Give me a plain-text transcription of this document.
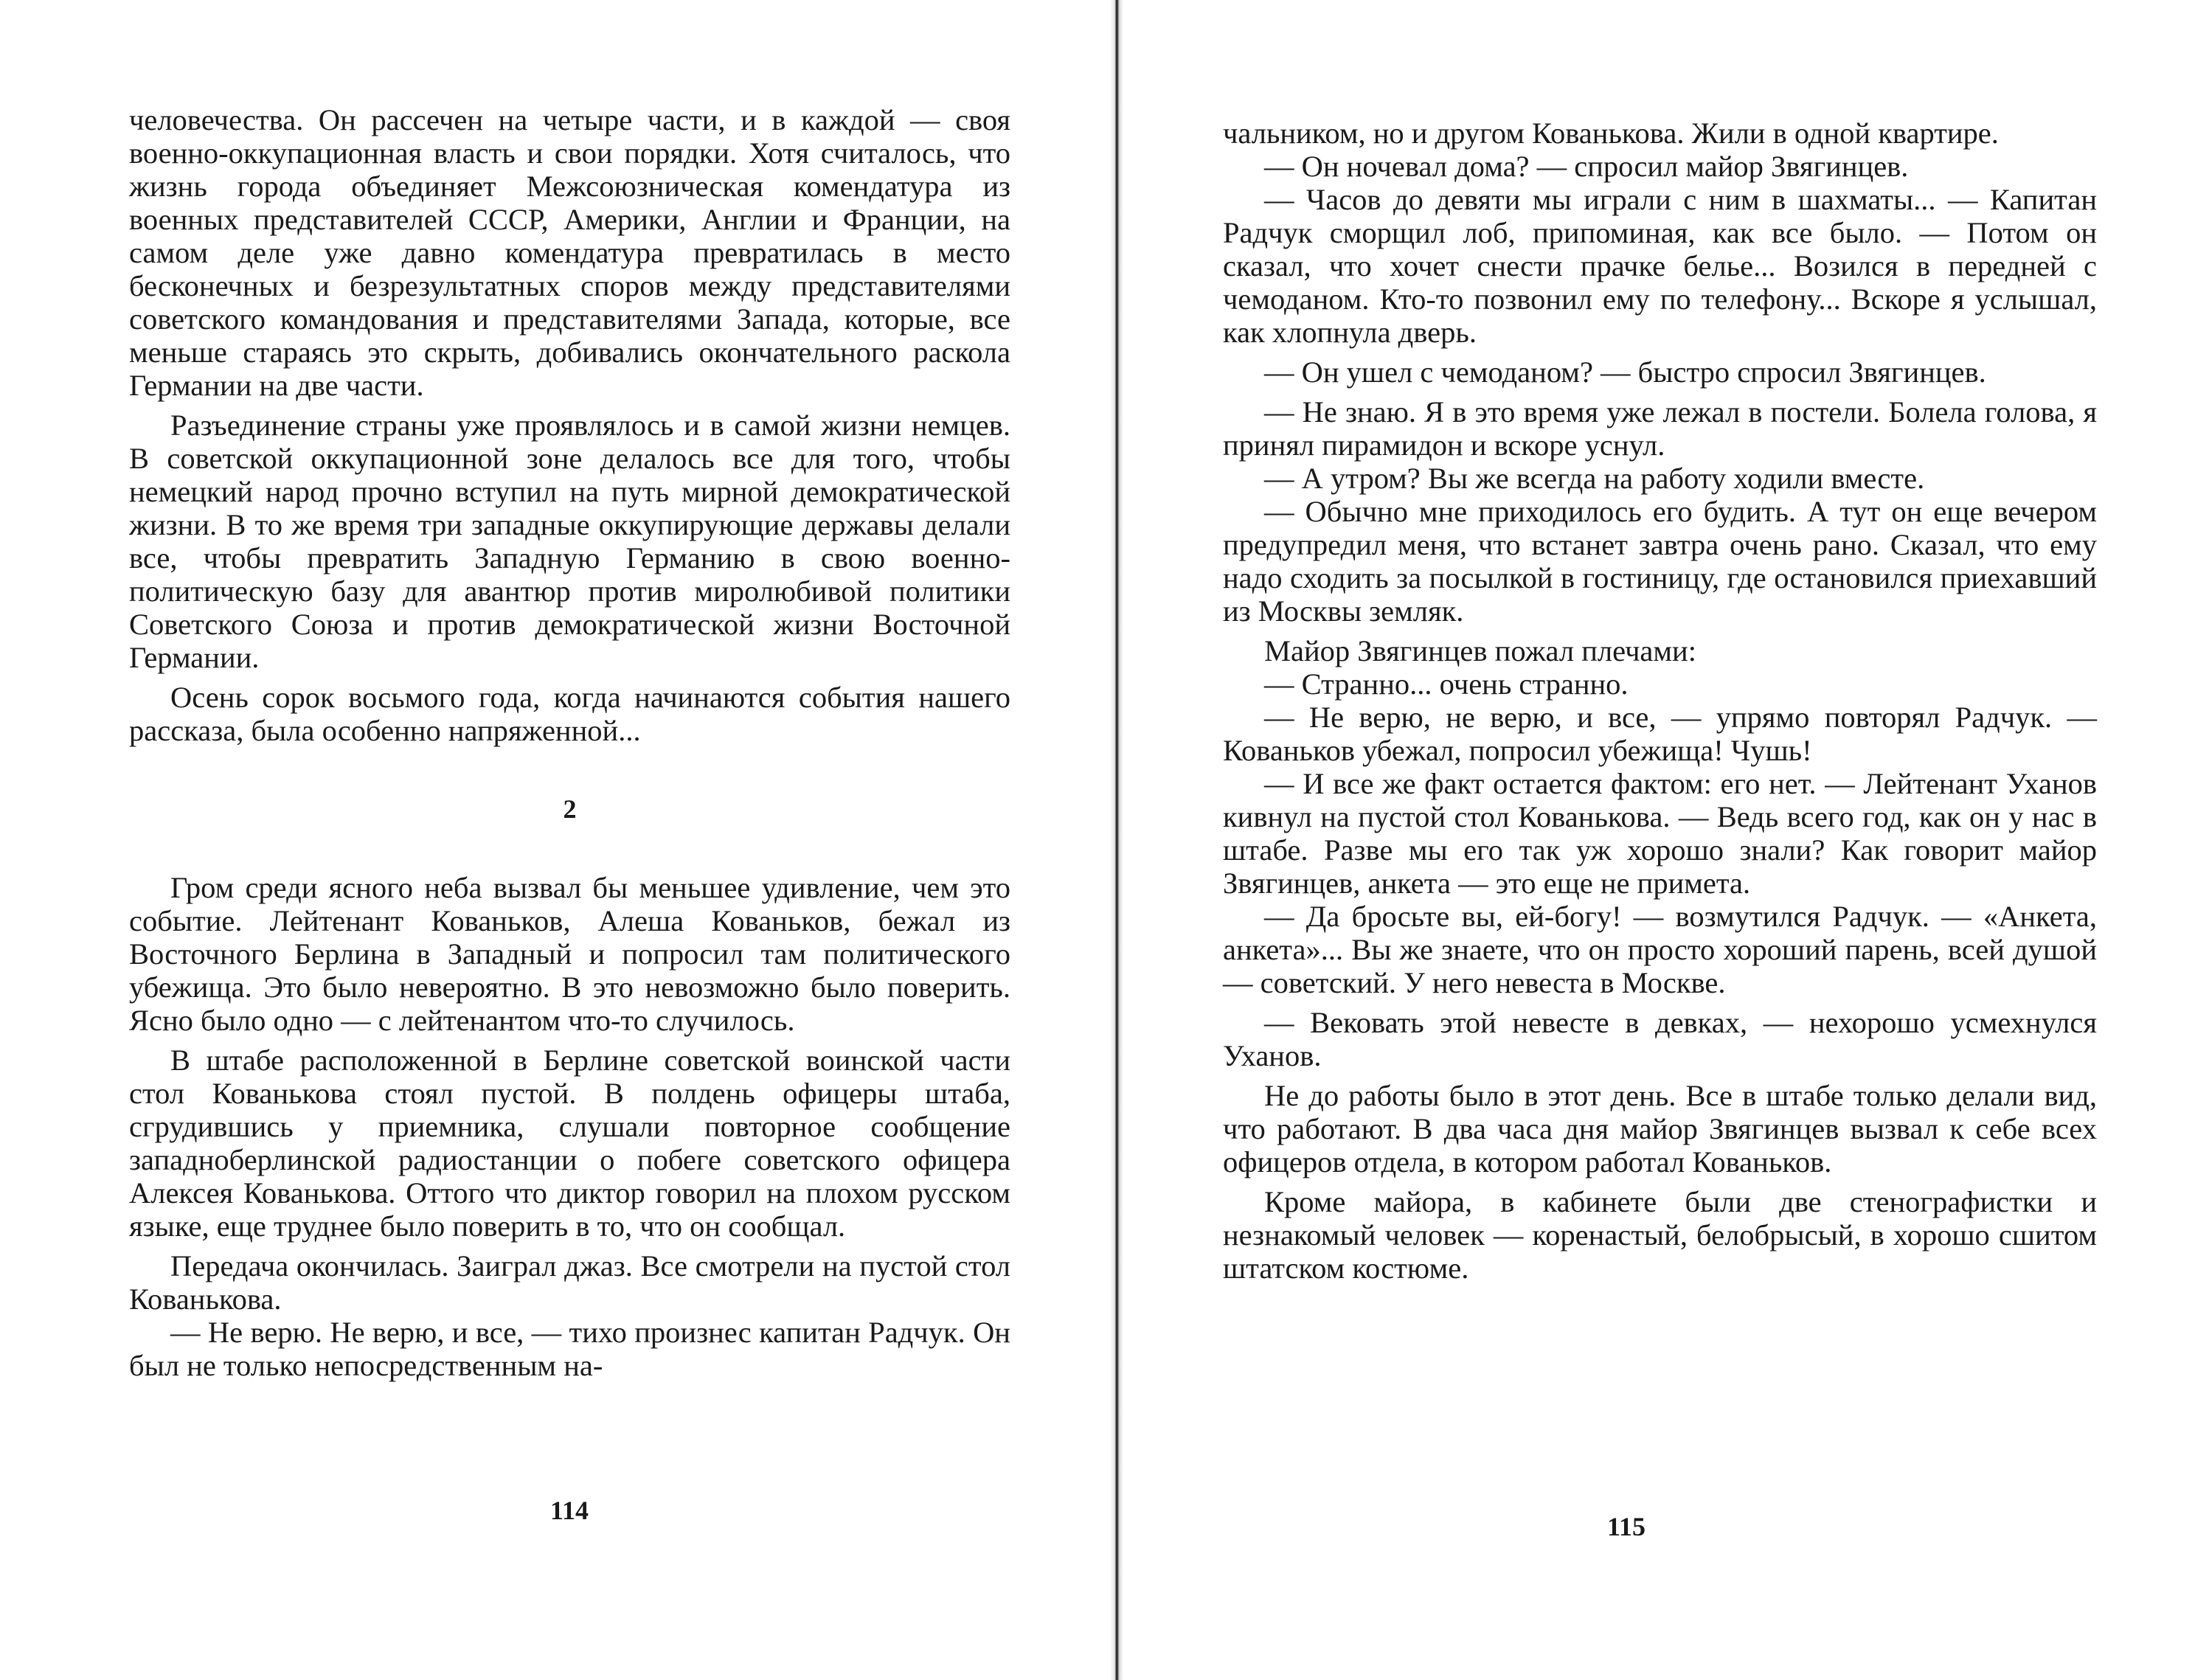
человечества. Он рассечен на четыре части, и в каждой — своя военно-оккупационная власть и свои порядки. Хотя считалось, что жизнь города объединяет Межсоюзническая комендатура из военных представителей СССР, Америки, Англии и Франции, на самом деле уже давно комендатура превратилась в место бесконечных и безрезультатных споров между представителями советского командования и представителями Запада, которые, все меньше стараясь это скрыть, добивались окончательного раскола Германии на две части.

Разъединение страны уже проявлялось и в самой жизни немцев. В советской оккупационной зоне делалось все для того, чтобы немецкий народ прочно вступил на путь мирной демократической жизни. В то же время три западные оккупирующие державы делали все, чтобы превратить Западную Германию в свою военно-политическую базу для авантюр против миролюбивой политики Советского Союза и против демократической жизни Восточной Германии.

Осень сорок восьмого года, когда начинаются события нашего рассказа, была особенно напряженной...

2

Гром среди ясного неба вызвал бы меньшее удивление, чем это событие. Лейтенант Кованьков, Алеша Кованьков, бежал из Восточного Берлина в Западный и попросил там политического убежища. Это было невероятно. В это невозможно было поверить. Ясно было одно — с лейтенантом что-то случилось.

В штабе расположенной в Берлине советской воинской части стол Кованькова стоял пустой. В полдень офицеры штаба, сгрудившись у приемника, слушали повторное сообщение западноберлинской радиостанции о побеге советского офицера Алексея Кованькова. Оттого что диктор говорил на плохом русском языке, еще труднее было поверить в то, что он сообщал.

Передача окончилась. Заиграл джаз. Все смотрели на пустой стол Кованькова.

— Не верю. Не верю, и все, — тихо произнес капитан Радчук. Он был не только непосредственным на-

114

чальником, но и другом Кованькова. Жили в одной квартире.

— Он ночевал дома? — спросил майор Звягинцев.

— Часов до девяти мы играли с ним в шахматы... — Капитан Радчук сморщил лоб, припоминая, как все было. — Потом он сказал, что хочет снести прачке белье... Возился в передней с чемоданом. Кто-то позвонил ему по телефону... Вскоре я услышал, как хлопнула дверь.

— Он ушел с чемоданом? — быстро спросил Звягинцев.

— Не знаю. Я в это время уже лежал в постели. Болела голова, я принял пирамидон и вскоре уснул.

— А утром? Вы же всегда на работу ходили вместе.

— Обычно мне приходилось его будить. А тут он еще вечером предупредил меня, что встанет завтра очень рано. Сказал, что ему надо сходить за посылкой в гостиницу, где остановился приехавший из Москвы земляк.

Майор Звягинцев пожал плечами:

— Странно... очень странно.

— Не верю, не верю, и все, — упрямо повторял Радчук. — Кованьков убежал, попросил убежища! Чушь!

— И все же факт остается фактом: его нет. — Лейтенант Уханов кивнул на пустой стол Кованькова. — Ведь всего год, как он у нас в штабе. Разве мы его так уж хорошо знали? Как говорит майор Звягинцев, анкета — это еще не примета.

— Да бросьте вы, ей-богу! — возмутился Радчук. — «Анкета, анкета»... Вы же знаете, что он просто хороший парень, всей душой — советский. У него невеста в Москве.

— Вековать этой невесте в девках, — нехорошо усмехнулся Уханов.

Не до работы было в этот день. Все в штабе только делали вид, что работают. В два часа дня майор Звягинцев вызвал к себе всех офицеров отдела, в котором работал Кованьков.

Кроме майора, в кабинете были две стенографистки и незнакомый человек — коренастый, белобрысый, в хорошо сшитом штатском костюме.

115
